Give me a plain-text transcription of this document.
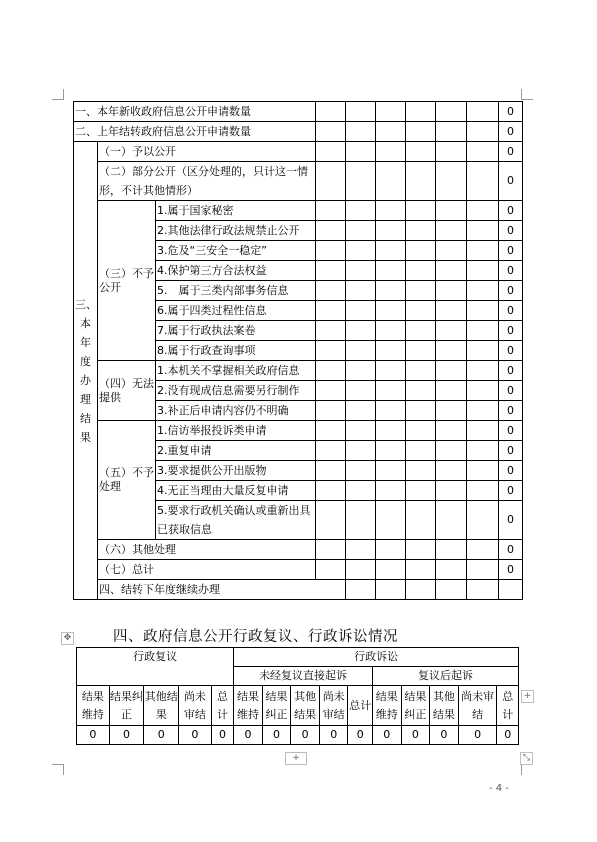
一、本年新收政府信息公开申请数量									0	
二、上年结转政府信息公开申请数量									0	
三、本年度办理结果	（一）予以公开								0	
	（二）部分公开（区分处理的，只计这一情形，不计其他情形）								0	
	（三）不予公开	1.属于国家秘密							0	
		2.其他法律行政法规禁止公开							0	
		3.危及“三安全一稳定”							0	
		4.保护第三方合法权益							0	
		5.　属于三类内部事务信息							0	
		6.属于四类过程性信息							0	
		7.属于行政执法案卷							0	
		8.属于行政查询事项							0	
	（四）无法提供	1.本机关不掌握相关政府信息							0	
		2.没有现成信息需要另行制作							0	
		3.补正后申请内容仍不明确							0	
	（五）不予处理	1.信访举报投诉类申请							0	
		2.重复申请							0	
		3.要求提供公开出版物							0	
		4.无正当理由大量反复申请							0	
		5.要求行政机关确认或重新出具已获取信息							0	
	（六）其他处理								0	
	（七）总计								0	
	四、结转下年度继续办理							
✥	四、政府信息公开行政复议、行政诉讼情况
行政复议					行政诉讼									
					未经复议直接起诉					复议后起诉				
结果维持	结果纠正	其他结果	尚未审结	总计	结果维持	结果纠正	其他结果	尚未审结	总计	结果维持	结果纠正	其他结果	尚未审结	总计
0	0	0	0	0	0	0	0	0	0	0	0	0	0	0
+
+	⤡
- 4 -
